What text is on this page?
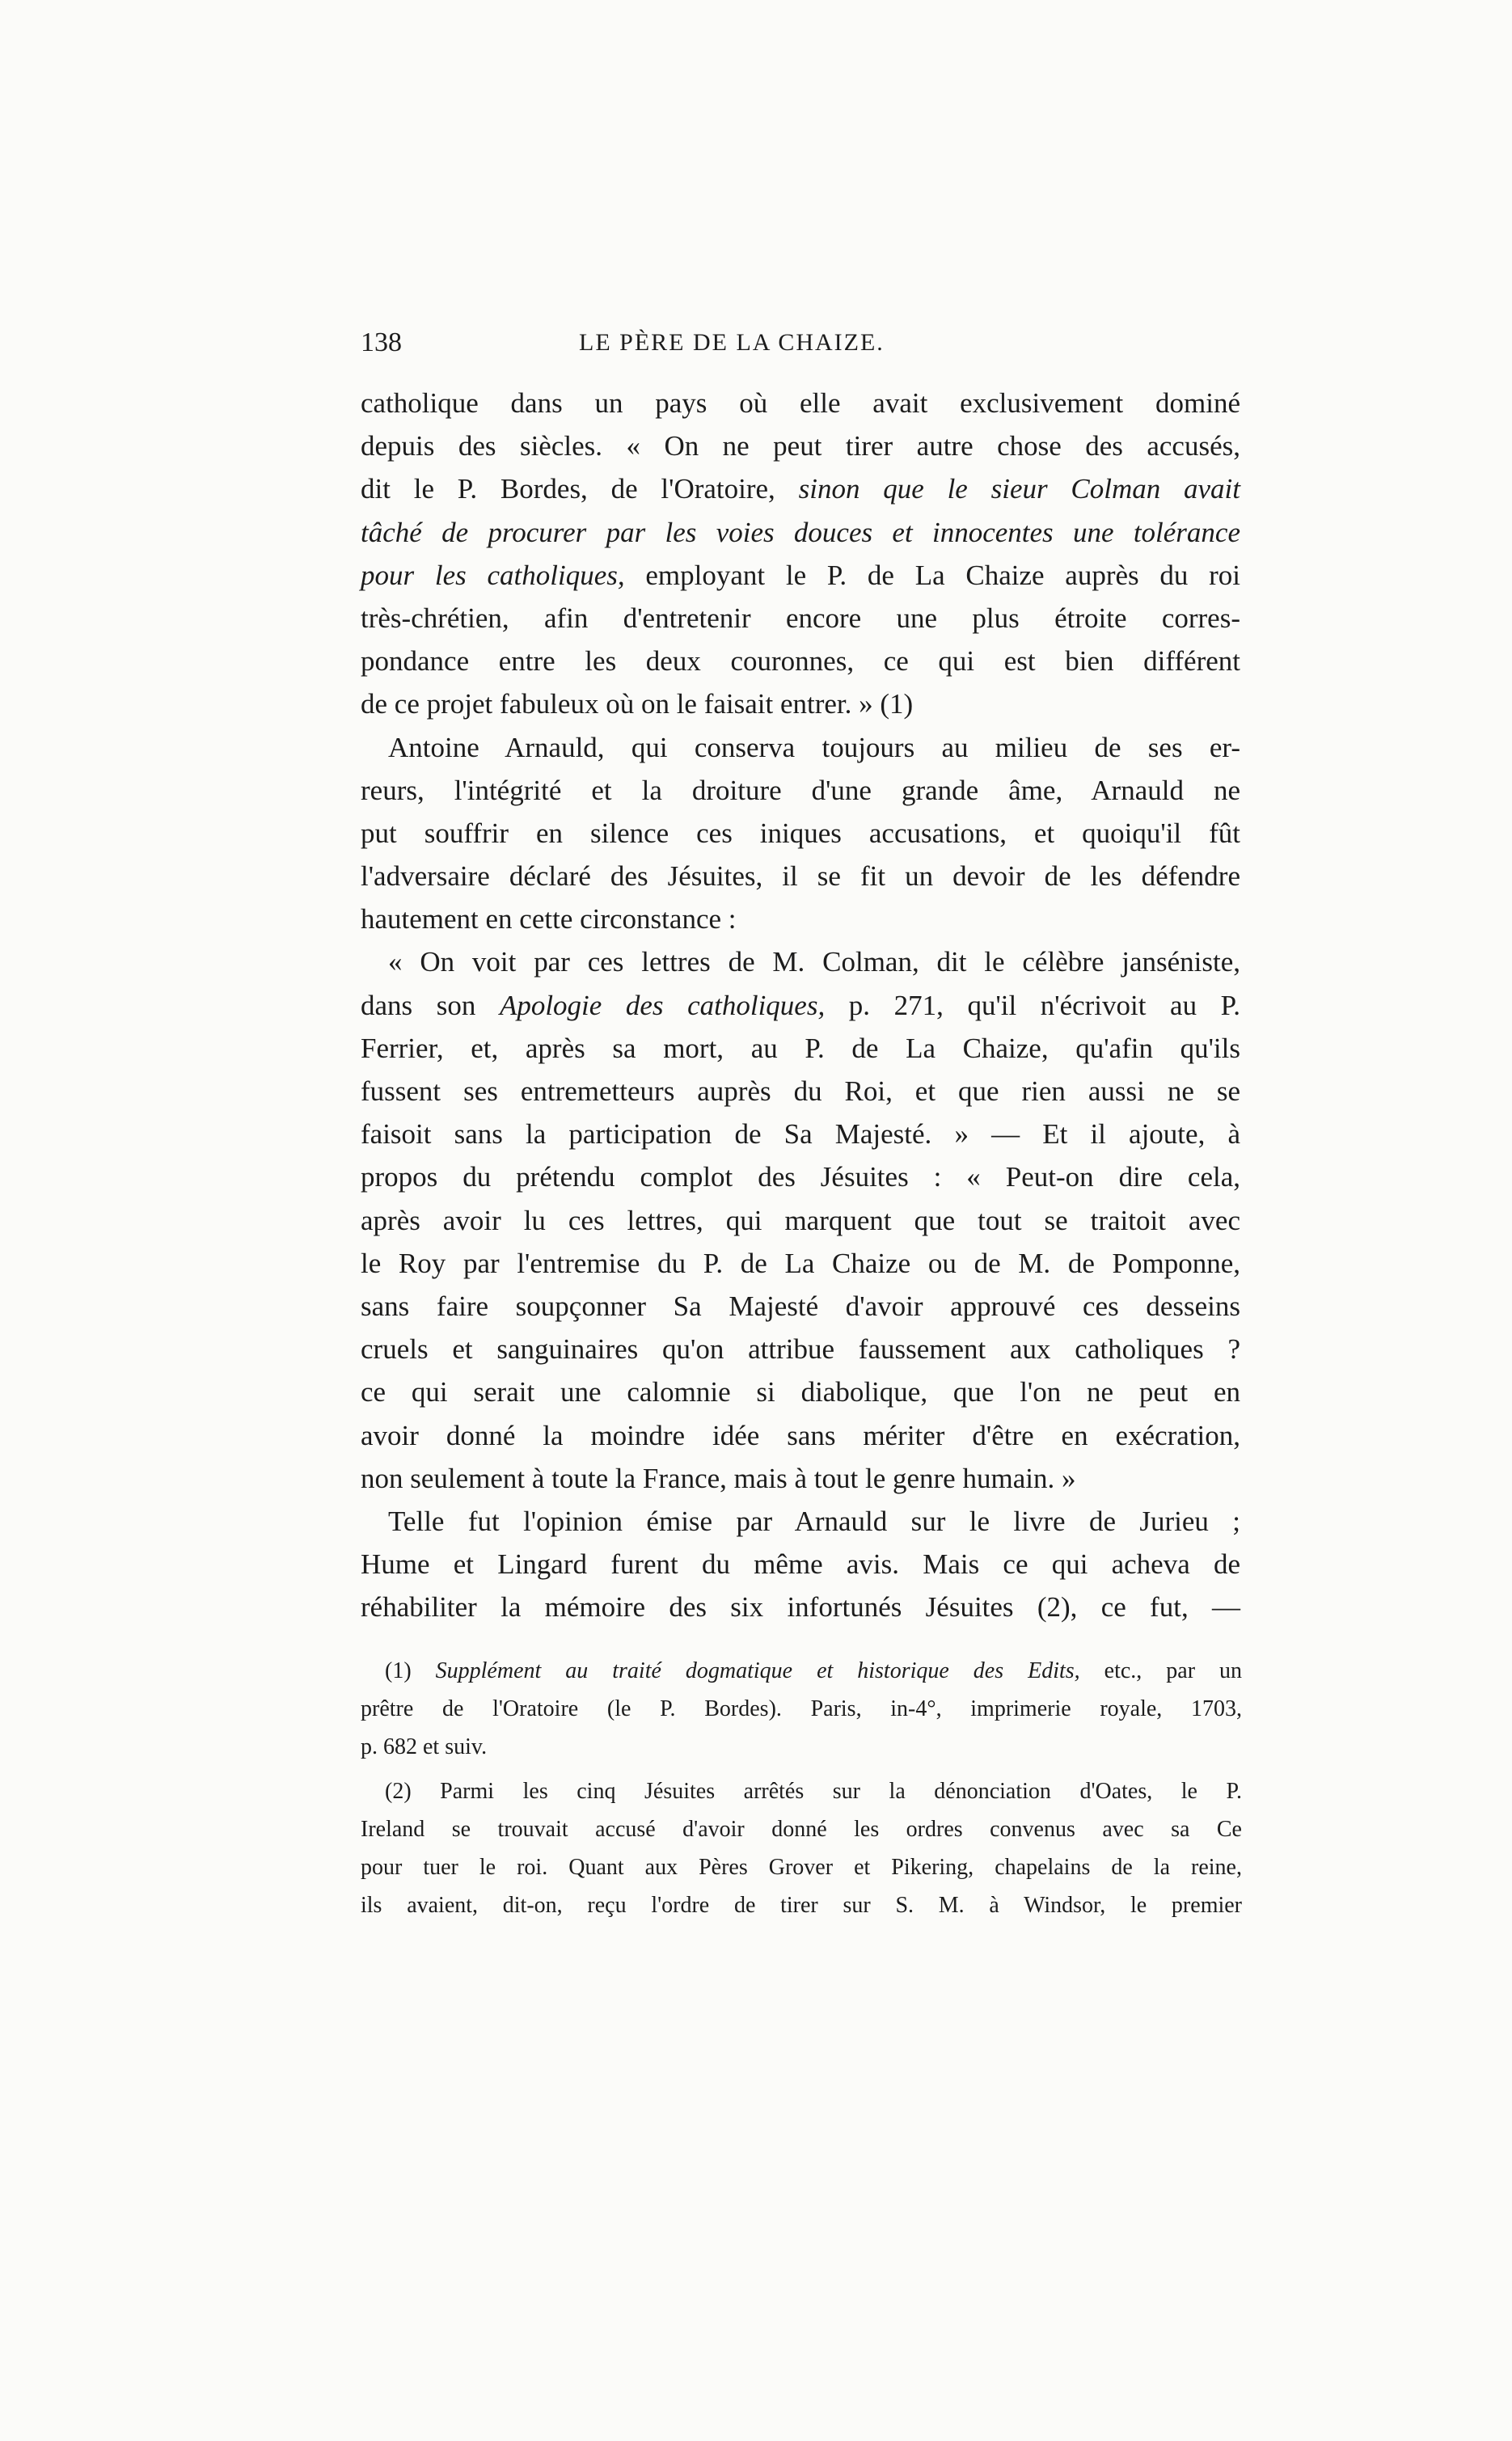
138	LE PÈRE DE LA CHAIZE.
catholique dans un pays où elle avait exclusivement dominé
depuis des siècles. « On ne peut tirer autre chose des accusés,
dit le P. Bordes, de l'Oratoire, sinon que le sieur Colman avait
tâché de procurer par les voies douces et innocentes une tolérance
pour les catholiques, employant le P. de La Chaize auprès du roi
très-chrétien, afin d'entretenir encore une plus étroite corres-
pondance entre les deux couronnes, ce qui est bien différent
de ce projet fabuleux où on le faisait entrer. » (1)
Antoine Arnauld, qui conserva toujours au milieu de ses er-
reurs, l'intégrité et la droiture d'une grande âme, Arnauld ne
put souffrir en silence ces iniques accusations, et quoiqu'il fût
l'adversaire déclaré des Jésuites, il se fit un devoir de les défendre
hautement en cette circonstance :
« On voit par ces lettres de M. Colman, dit le célèbre janséniste,
dans son Apologie des catholiques, p. 271, qu'il n'écrivoit au P.
Ferrier, et, après sa mort, au P. de La Chaize, qu'afin qu'ils
fussent ses entremetteurs auprès du Roi, et que rien aussi ne se
faisoit sans la participation de Sa Majesté. » — Et il ajoute, à
propos du prétendu complot des Jésuites : « Peut-on dire cela,
après avoir lu ces lettres, qui marquent que tout se traitoit avec
le Roy par l'entremise du P. de La Chaize ou de M. de Pomponne,
sans faire soupçonner Sa Majesté d'avoir approuvé ces desseins
cruels et sanguinaires qu'on attribue faussement aux catholiques ?
ce qui serait une calomnie si diabolique, que l'on ne peut en
avoir donné la moindre idée sans mériter d'être en exécration,
non seulement à toute la France, mais à tout le genre humain. »
Telle fut l'opinion émise par Arnauld sur le livre de Jurieu ;
Hume et Lingard furent du même avis. Mais ce qui acheva de
réhabiliter la mémoire des six infortunés Jésuites (2), ce fut, —
(1) Supplément au traité dogmatique et historique des Edits, etc., par un
prêtre de l'Oratoire (le P. Bordes). Paris, in-4°, imprimerie royale, 1703,
p. 682 et suiv.
(2) Parmi les cinq Jésuites arrêtés sur la dénonciation d'Oates, le P.
Ireland se trouvait accusé d'avoir donné les ordres convenus avec sa Ce
pour tuer le roi. Quant aux Pères Grover et Pikering, chapelains de la reine,
ils avaient, dit-on, reçu l'ordre de tirer sur S. M. à Windsor, le premier
